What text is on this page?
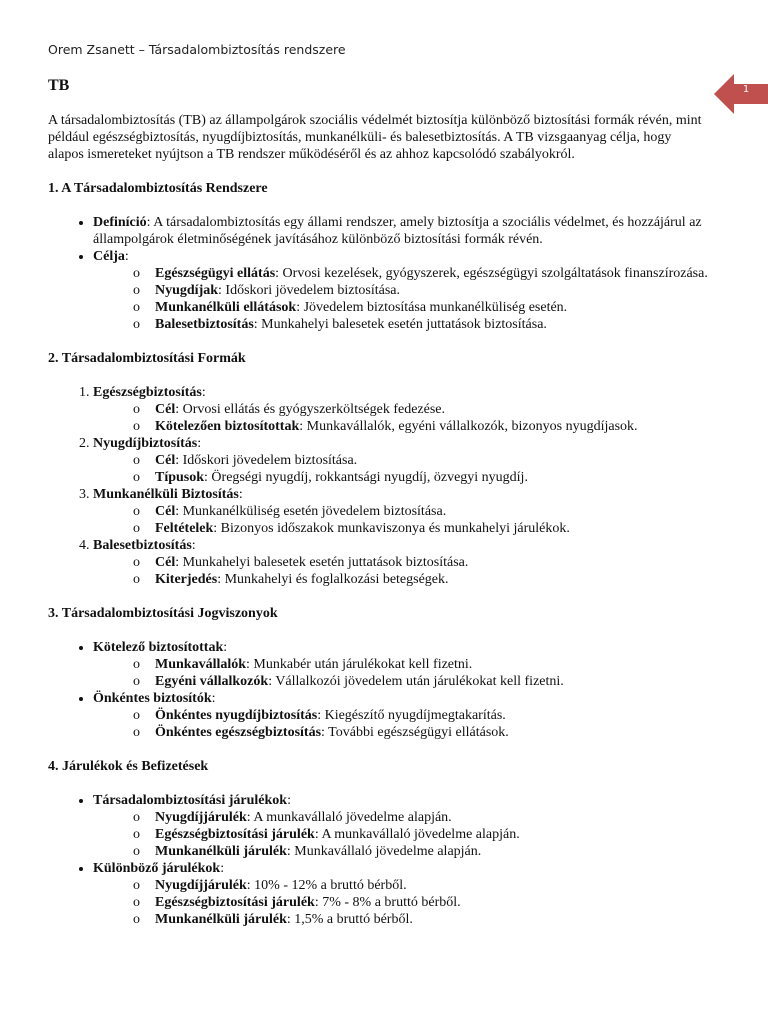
Orem Zsanett – Társadalombiztosítás rendszere
1
TB

A társadalombiztosítás (TB) az állampolgárok szociális védelmét biztosítja különböző biztosítási formák révén, mint például egészségbiztosítás, nyugdíjbiztosítás, munkanélküli- és balesetbiztosítás. A TB vizsgaanyag célja, hogy alapos ismereteket nyújtson a TB rendszer működéséről és az ahhoz kapcsolódó szabályokról.

1. A Társadalombiztosítás Rendszere
• Definíció: A társadalombiztosítás egy állami rendszer, amely biztosítja a szociális védelmet, és hozzájárul az állampolgárok életminőségének javításához különböző biztosítási formák révén.
• Célja:
o Egészségügyi ellátás: Orvosi kezelések, gyógyszerek, egészségügyi szolgáltatások finanszírozása.
o Nyugdíjak: Időskori jövedelem biztosítása.
o Munkanélküli ellátások: Jövedelem biztosítása munkanélküliség esetén.
o Balesetbiztosítás: Munkahelyi balesetek esetén juttatások biztosítása.
2. Társadalombiztosítási Formák
1. Egészségbiztosítás:
o Cél: Orvosi ellátás és gyógyszerköltségek fedezése.
o Kötelezően biztosítottak: Munkavállalók, egyéni vállalkozók, bizonyos nyugdíjasok.
2. Nyugdíjbiztosítás:
o Cél: Időskori jövedelem biztosítása.
o Típusok: Öregségi nyugdíj, rokkantsági nyugdíj, özvegyi nyugdíj.
3. Munkanélküli Biztosítás:
o Cél: Munkanélküliség esetén jövedelem biztosítása.
o Feltételek: Bizonyos időszakok munkaviszonya és munkahelyi járulékok.
4. Balesetbiztosítás:
o Cél: Munkahelyi balesetek esetén juttatások biztosítása.
o Kiterjedés: Munkahelyi és foglalkozási betegségek.
3. Társadalombiztosítási Jogviszonyok
• Kötelező biztosítottak:
o Munkavállalók: Munkabér után járulékokat kell fizetni.
o Egyéni vállalkozók: Vállalkozói jövedelem után járulékokat kell fizetni.
• Önkéntes biztosítók:
o Önkéntes nyugdíjbiztosítás: Kiegészítő nyugdíjmegtakarítás.
o Önkéntes egészségbiztosítás: További egészségügyi ellátások.
4. Járulékok és Befizetések
• Társadalombiztosítási járulékok:
o Nyugdíjjárulék: A munkavállaló jövedelme alapján.
o Egészségbiztosítási járulék: A munkavállaló jövedelme alapján.
o Munkanélküli járulék: Munkavállaló jövedelme alapján.
• Különböző járulékok:
o Nyugdíjjárulék: 10% - 12% a bruttó bérből.
o Egészségbiztosítási járulék: 7% - 8% a bruttó bérből.
o Munkanélküli járulék: 1,5% a bruttó bérből.
